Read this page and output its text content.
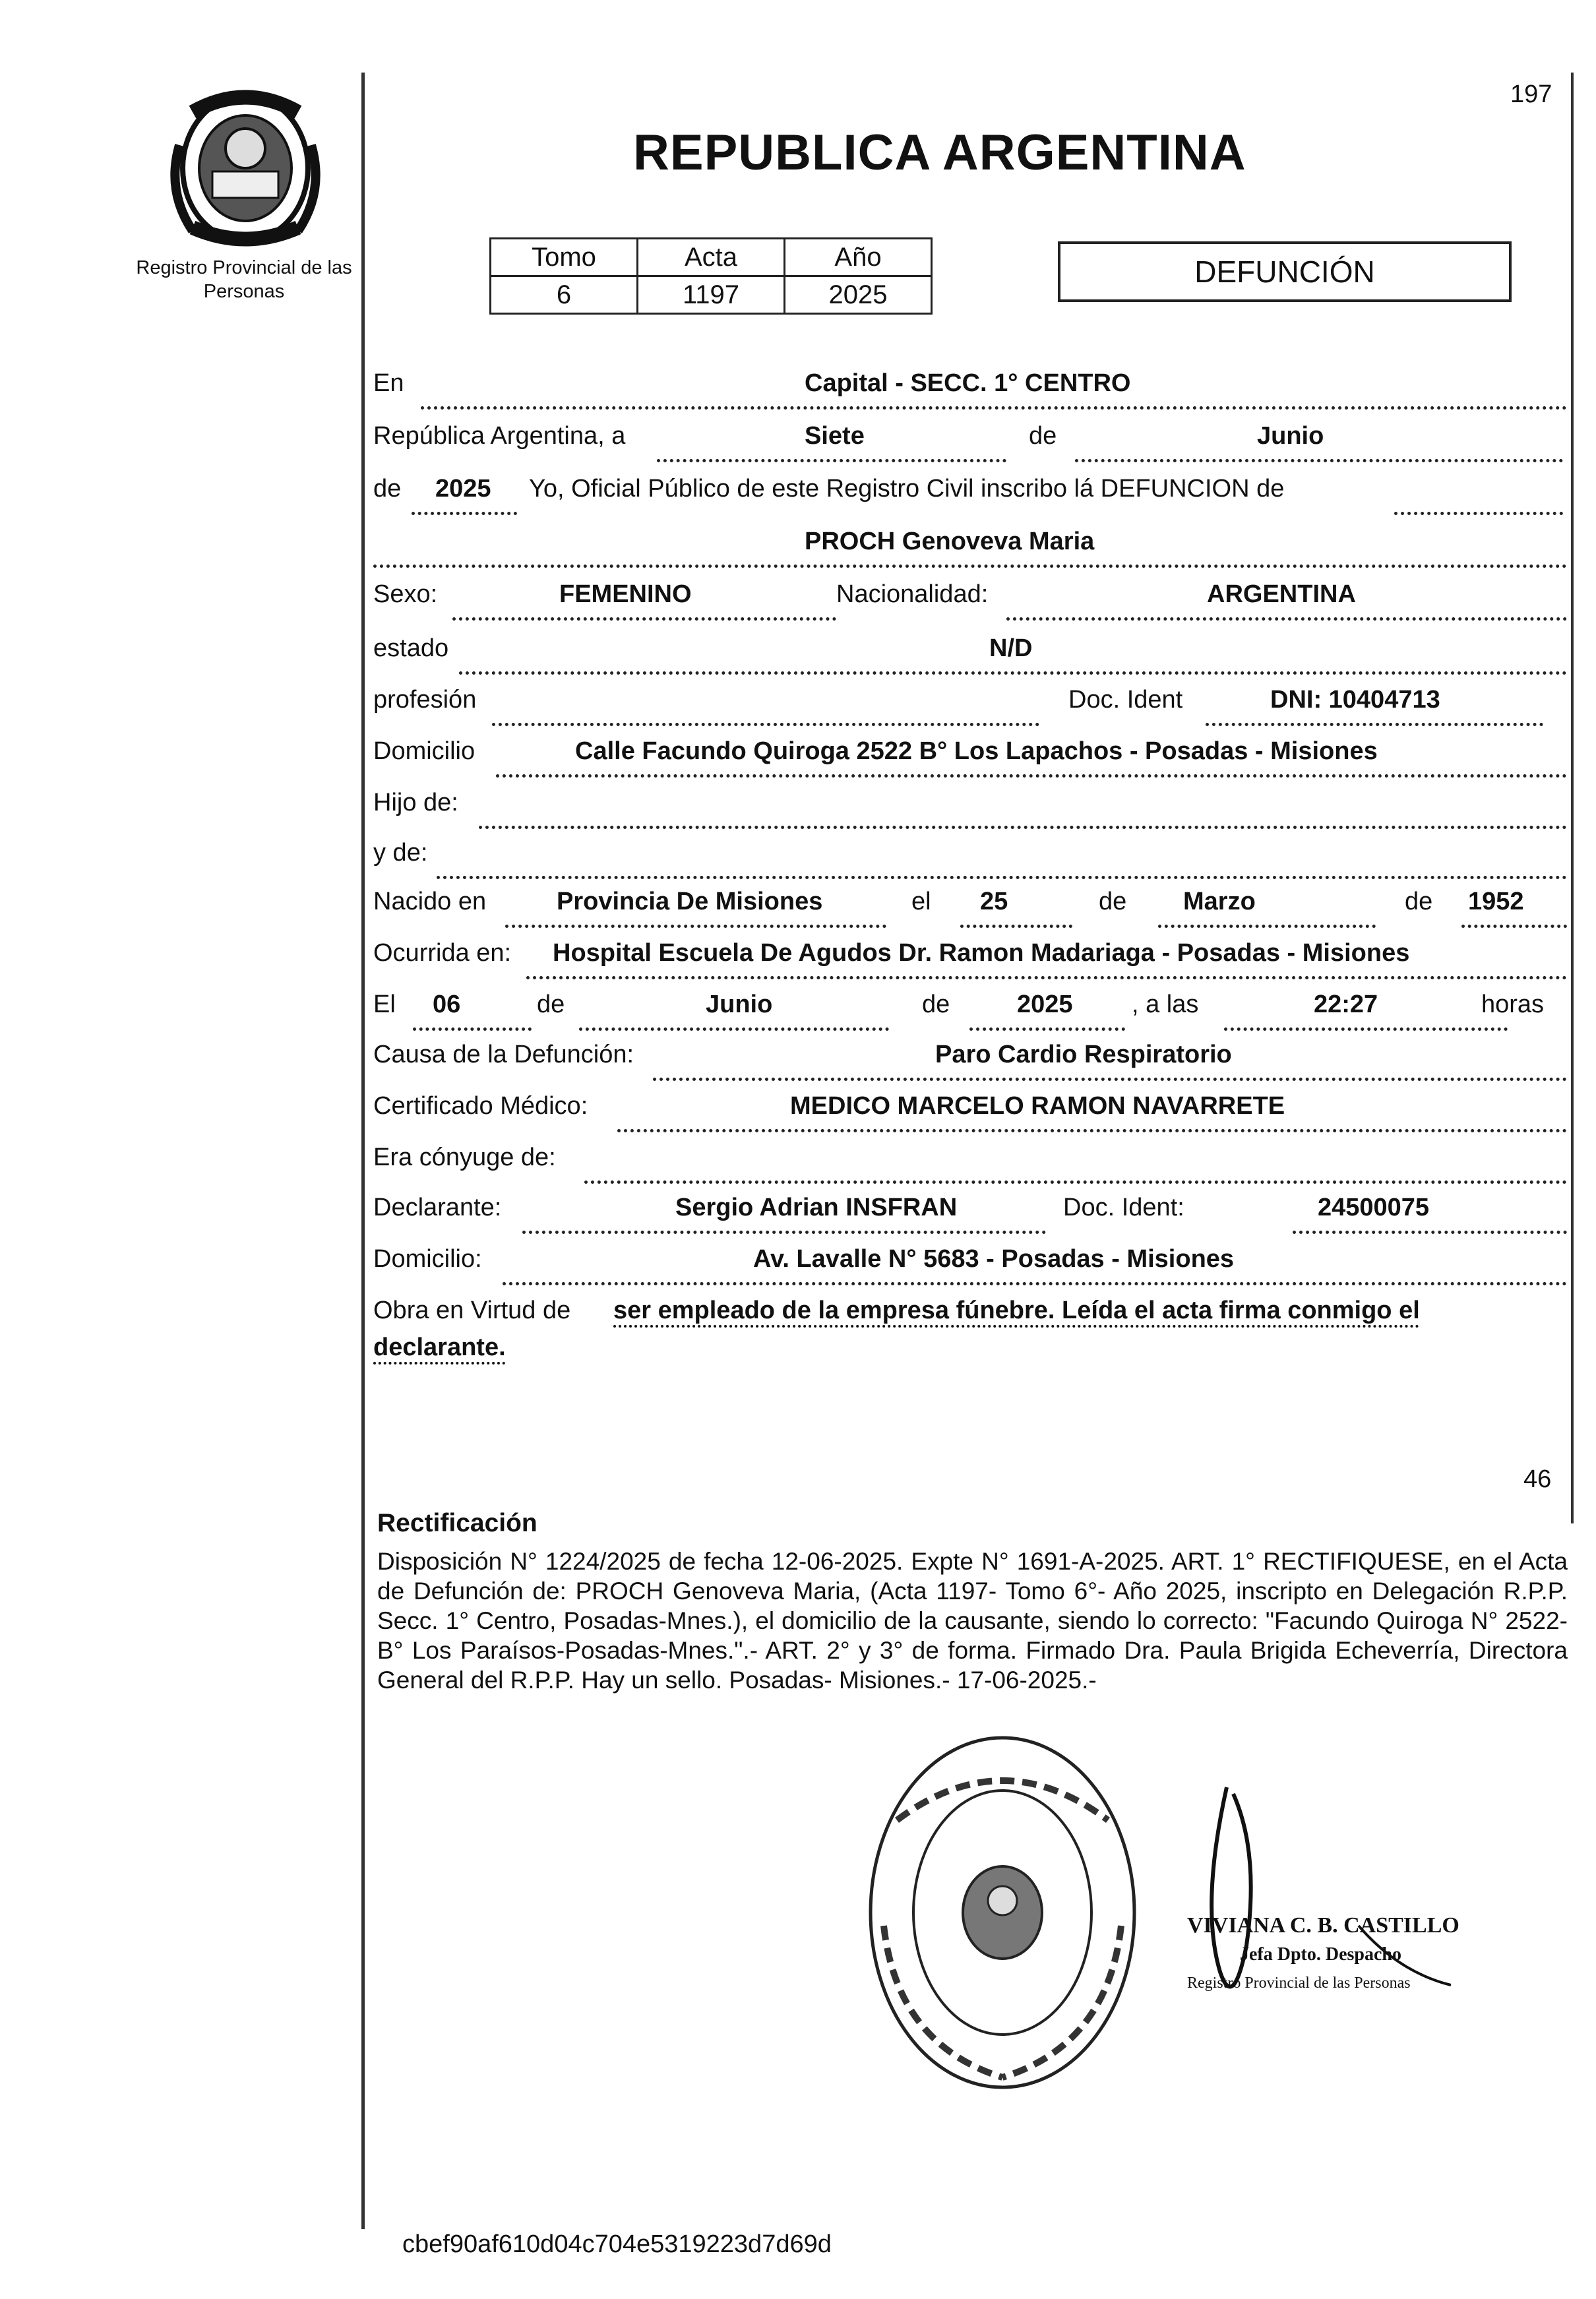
Registro Provincial de las Personas
197
REPUBLICA ARGENTINA
Tomo	Acta	Año
6	1197	2025
DEFUNCIÓN
En	Capital - SECC. 1° CENTRO
República Argentina, a	Siete	de	Junio
de 2025 Yo, Oficial Público de este Registro Civil inscribo lá DEFUNCION de
PROCH Genoveva Maria
Sexo:	FEMENINO	Nacionalidad:	ARGENTINA
estado	N/D
profesión	Doc. Ident	DNI: 10404713
Domicilio	Calle Facundo Quiroga 2522 B° Los Lapachos - Posadas - Misiones
Hijo de:
y de:
Nacido en	Provincia De Misiones	el 25	de Marzo	de 1952
Ocurrida en: Hospital Escuela De Agudos Dr. Ramon Madariaga - Posadas - Misiones
El 06	de	Junio	de	2025 , a las	22:27	horas
Causa de la Defunción:	Paro Cardio Respiratorio
Certificado Médico:	MEDICO MARCELO RAMON NAVARRETE
Era cónyuge de:
Declarante:	Sergio Adrian INSFRAN	Doc. Ident:	24500075
Domicilio:	Av. Lavalle N° 5683 - Posadas - Misiones
Obra en Virtud de ser empleado de la empresa fúnebre. Leída el acta firma conmigo el
declarante.
46
Rectificación
Disposición N° 1224/2025 de fecha 12-06-2025. Expte N° 1691-A-2025. ART. 1° RECTIFIQUESE, en el Acta de Defunción de: PROCH Genoveva Maria, (Acta 1197- Tomo 6°- Año 2025, inscripto en Delegación R.P.P. Secc. 1° Centro, Posadas-Mnes.), el domicilio de la causante, siendo lo correcto: "Facundo Quiroga N° 2522-B° Los Paraísos-Posadas-Mnes.".- ART. 2° y 3° de forma. Firmado Dra. Paula Brigida Echeverría, Directora General del R.P.P. Hay un sello. Posadas- Misiones.- 17-06-2025.-
VIVIANA C. B. CASTILLO
Jefa Dpto. Despacho
Registro Provincial de las Personas
cbef90af610d04c704e5319223d7d69d
